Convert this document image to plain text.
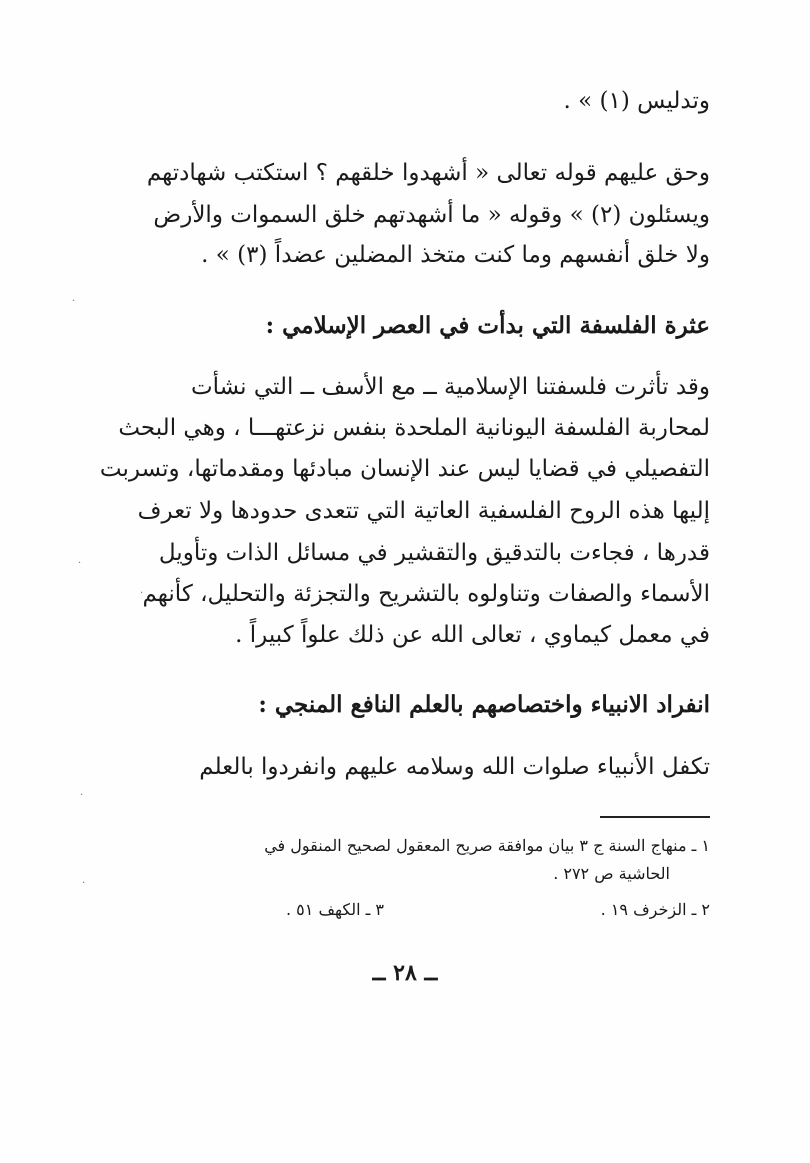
وتدليس (١) » .
وحق عليهم قوله تعالى « أشهدوا خلقهم ؟ استكتب شهادتهم
ويسئلون (٢) » وقوله « ما أشهدتهم خلق السموات والأرض
ولا خلق أنفسهم وما كنت متخذ المضلين عضداً (٣) » .
عثرة الفلسفة التي بدأت في العصر الإسلامي :
وقد تأثرت فلسفتنا الإسلامية ــ مع الأسف ــ التي نشأت
لمحاربة الفلسفة اليونانية الملحدة بنفس نزعتهـــا ، وهي البحث
التفصيلي في قضايا ليس عند الإنسان مبادئها ومقدماتها، وتسربت
إليها هذه الروح الفلسفية العاتية التي تتعدى حدودها ولا تعرف
قدرها ، فجاءت بالتدقيق والتقشير في مسائل الذات وتأويل
الأسماء والصفات وتناولوه بالتشريح والتجزئة والتحليل، كأنهم
في معمل كيماوي ، تعالى الله عن ذلك علواً كبيراً .
انفراد الانبياء واختصاصهم بالعلم النافع المنجي :
تكفل الأنبياء صلوات الله وسلامه عليهم وانفردوا بالعلم
١ ـ منهاج السنة ج ٣ بيان موافقة صريح المعقول لصحيح المنقول في
الحاشية ص ٢٧٢ .
٢ ـ الزخرف ١٩ .
٣ ـ الكهف ٥١ .
ــ ٢٨ ــ
·
·
·
·
·
